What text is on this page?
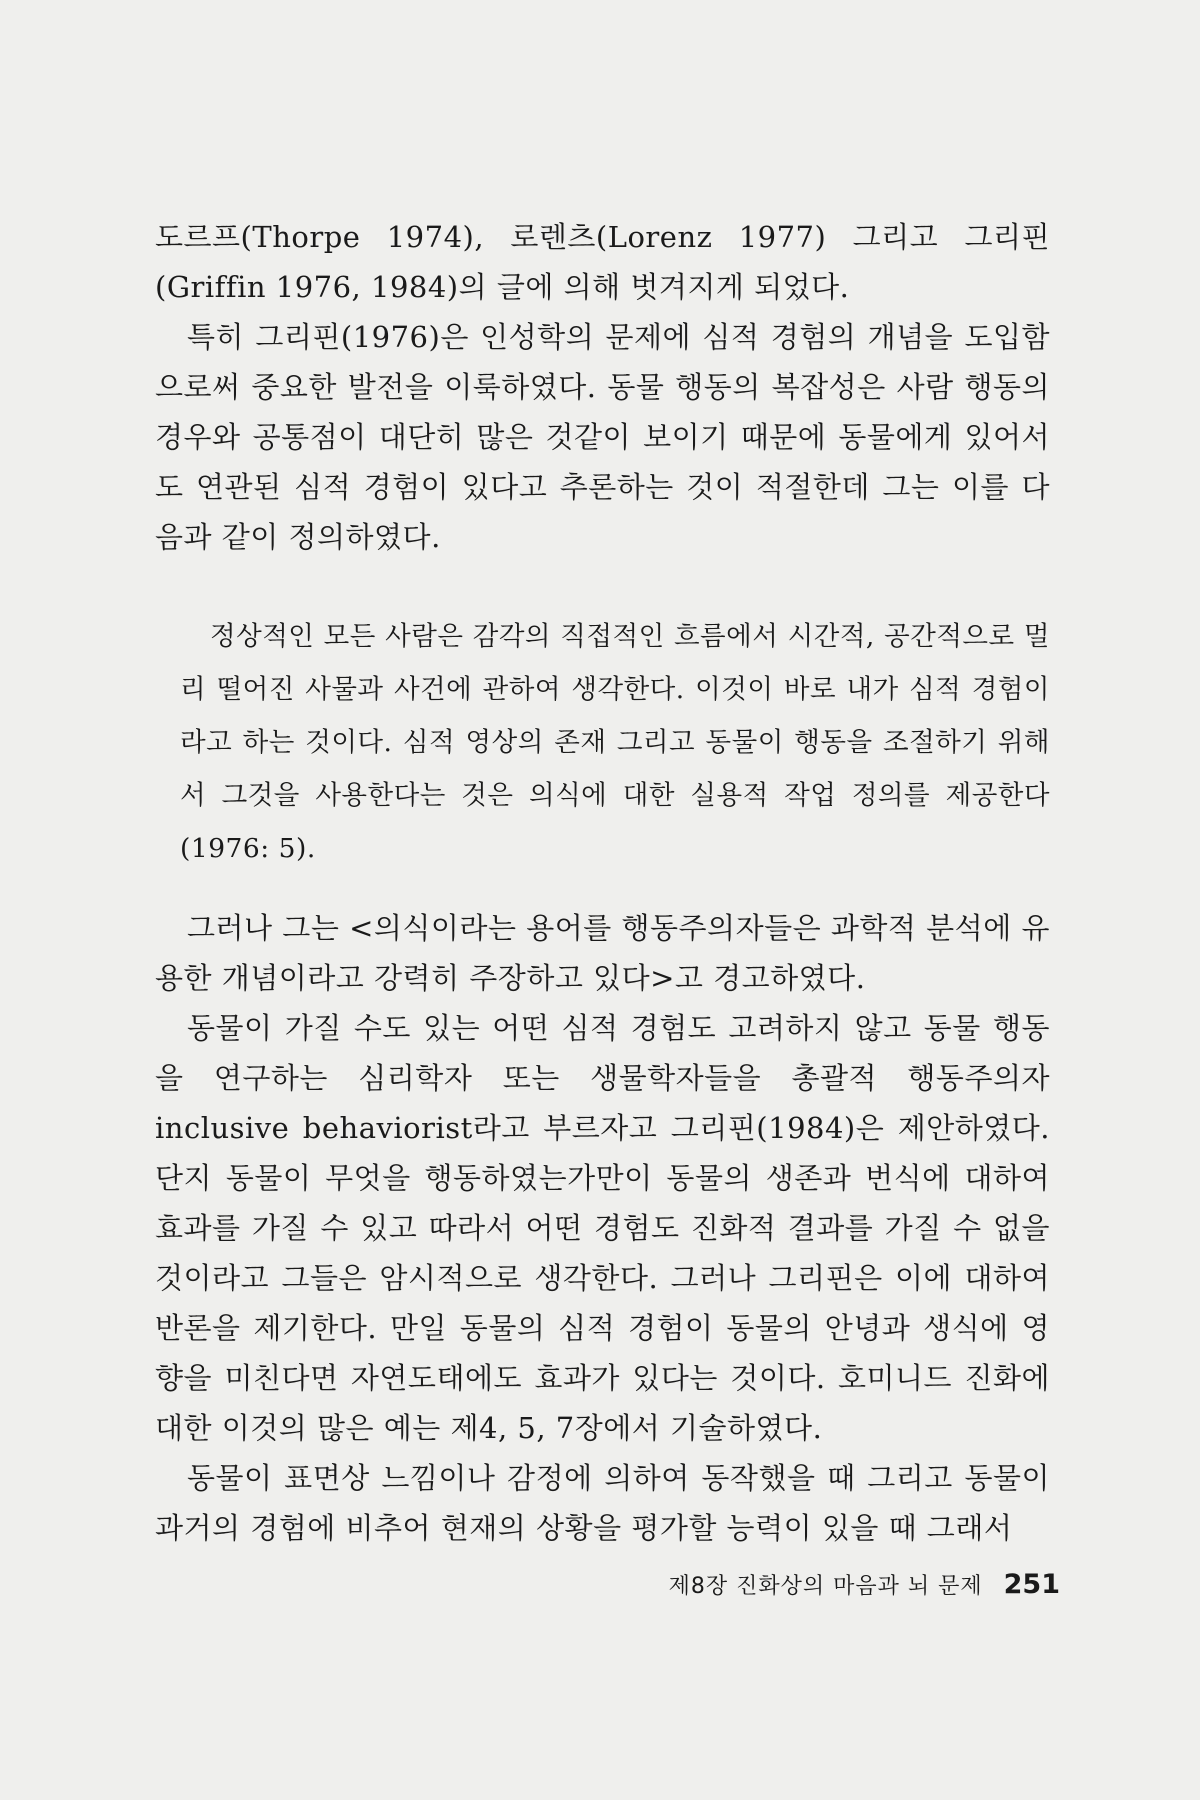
도르프(Thorpe 1974), 로렌츠(Lorenz 1977) 그리고 그리핀(Griffin 1976, 1984)의 글에 의해 벗겨지게 되었다.

특히 그리핀(1976)은 인성학의 문제에 심적 경험의 개념을 도입함으로써 중요한 발전을 이룩하였다. 동물 행동의 복잡성은 사람 행동의 경우와 공통점이 대단히 많은 것같이 보이기 때문에 동물에게 있어서도 연관된 심적 경험이 있다고 추론하는 것이 적절한데 그는 이를 다음과 같이 정의하였다.

정상적인 모든 사람은 감각의 직접적인 흐름에서 시간적, 공간적으로 멀리 떨어진 사물과 사건에 관하여 생각한다. 이것이 바로 내가 심적 경험이라고 하는 것이다. 심적 영상의 존재 그리고 동물이 행동을 조절하기 위해서 그것을 사용한다는 것은 의식에 대한 실용적 작업 정의를 제공한다(1976: 5).

그러나 그는 <의식이라는 용어를 행동주의자들은 과학적 분석에 유용한 개념이라고 강력히 주장하고 있다>고 경고하였다.

동물이 가질 수도 있는 어떤 심적 경험도 고려하지 않고 동물 행동을 연구하는 심리학자 또는 생물학자들을 총괄적 행동주의자inclusive behaviorist라고 부르자고 그리핀(1984)은 제안하였다. 단지 동물이 무엇을 행동하였는가만이 동물의 생존과 번식에 대하여 효과를 가질 수 있고 따라서 어떤 경험도 진화적 결과를 가질 수 없을 것이라고 그들은 암시적으로 생각한다. 그러나 그리핀은 이에 대하여 반론을 제기한다. 만일 동물의 심적 경험이 동물의 안녕과 생식에 영향을 미친다면 자연도태에도 효과가 있다는 것이다. 호미니드 진화에 대한 이것의 많은 예는 제4, 5, 7장에서 기술하였다.

동물이 표면상 느낌이나 감정에 의하여 동작했을 때 그리고 동물이 과거의 경험에 비추어 현재의 상황을 평가할 능력이 있을 때 그래서

제8장 진화상의 마음과 뇌 문제 251
